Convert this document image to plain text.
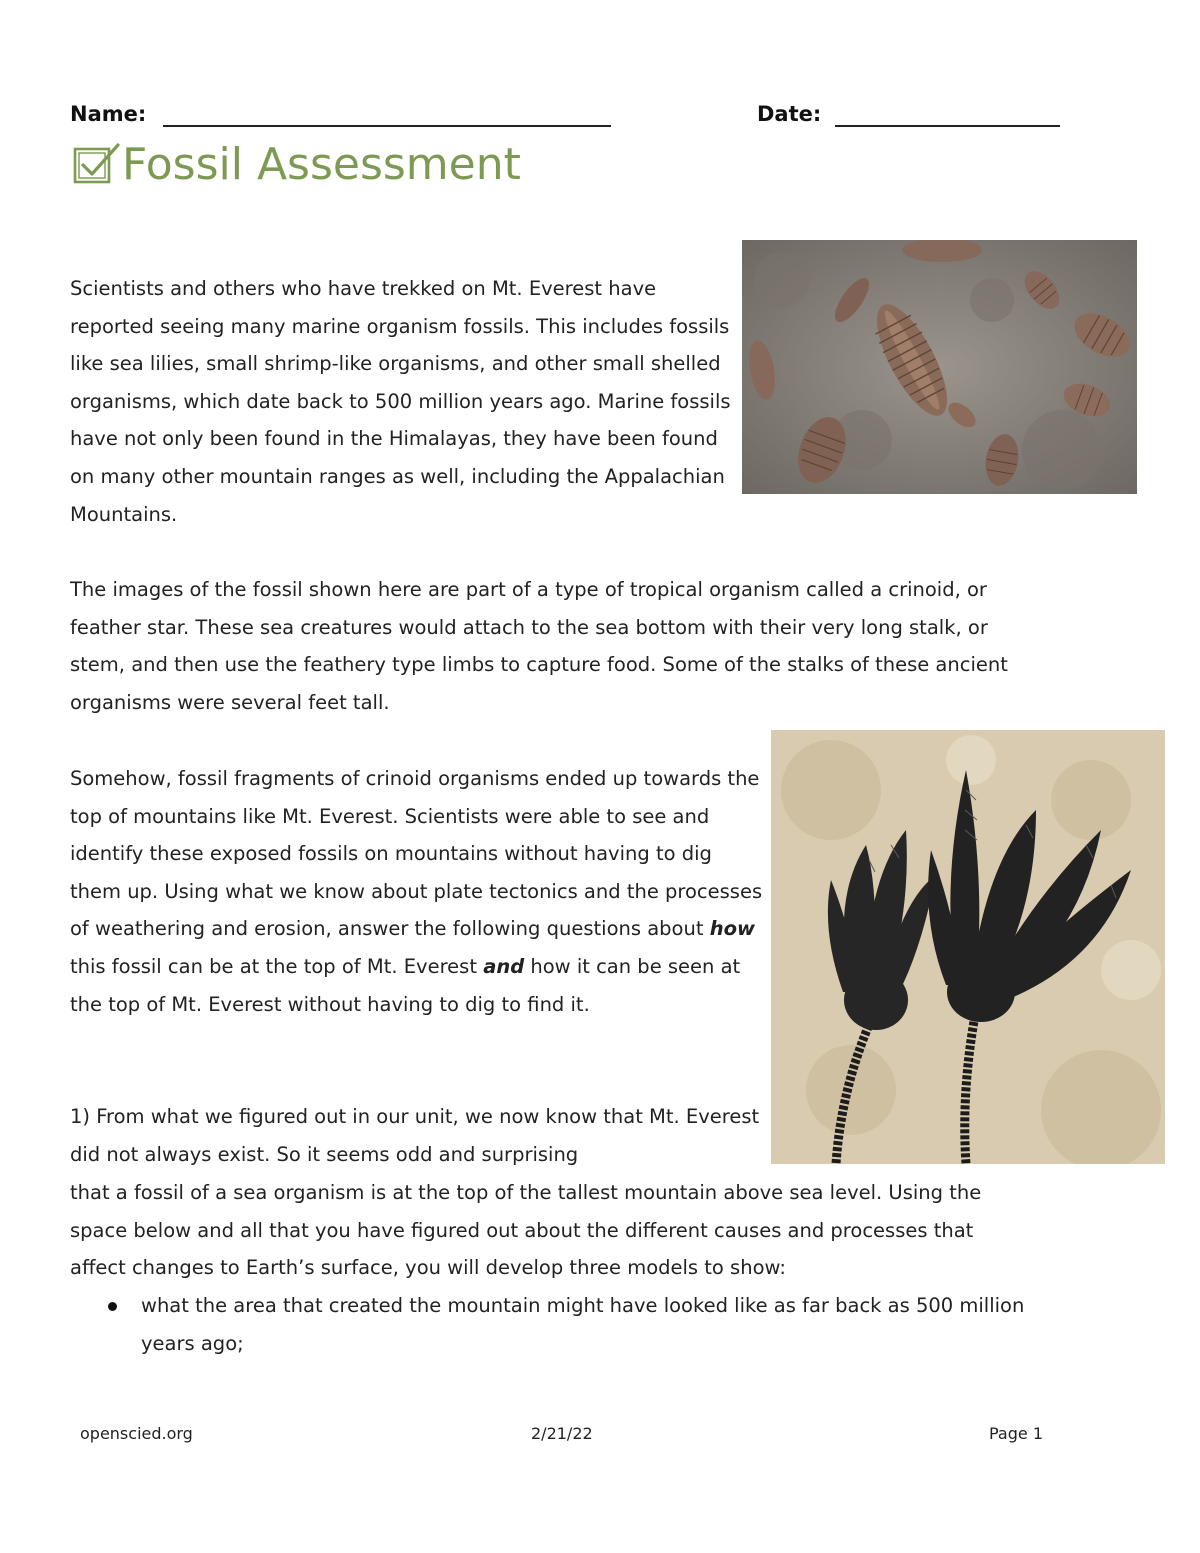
Name:	Date:
Fossil Assessment

Scientists and others who have trekked on Mt. Everest have reported seeing many marine organism fossils. This includes fossils like sea lilies, small shrimp-like organisms, and other small shelled organisms, which date back to 500 million years ago. Marine fossils have not only been found in the Himalayas, they have been found on many other mountain ranges as well, including the Appalachian Mountains.

The images of the fossil shown here are part of a type of tropical organism called a crinoid, or

feather star. These sea creatures would attach to the sea bottom with their very long stalk, or

stem, and then use the feathery type limbs to capture food. Some of the stalks of these ancient

organisms were several feet tall.

Somehow, fossil fragments of crinoid organisms ended up towards the top of mountains like Mt. Everest. Scientists were able to see and identify these exposed fossils on mountains without having to dig them up. Using what we know about plate tectonics and the processes of weathering and erosion, answer the following questions about how this fossil can be at the top of Mt. Everest and how it can be seen at the top of Mt. Everest without having to dig to find it.

1) From what we figured out in our unit, we now know that Mt. Everest did not always exist. So it seems odd and surprising

that a fossil of a sea organism is at the top of the tallest mountain above sea level. Using the

space below and all that you have figured out about the different causes and processes that

affect changes to Earth’s surface, you will develop three models to show:

what the area that created the mountain might have looked like as far back as 500 million

years ago;

openscied.org	2/21/22	Page 1
